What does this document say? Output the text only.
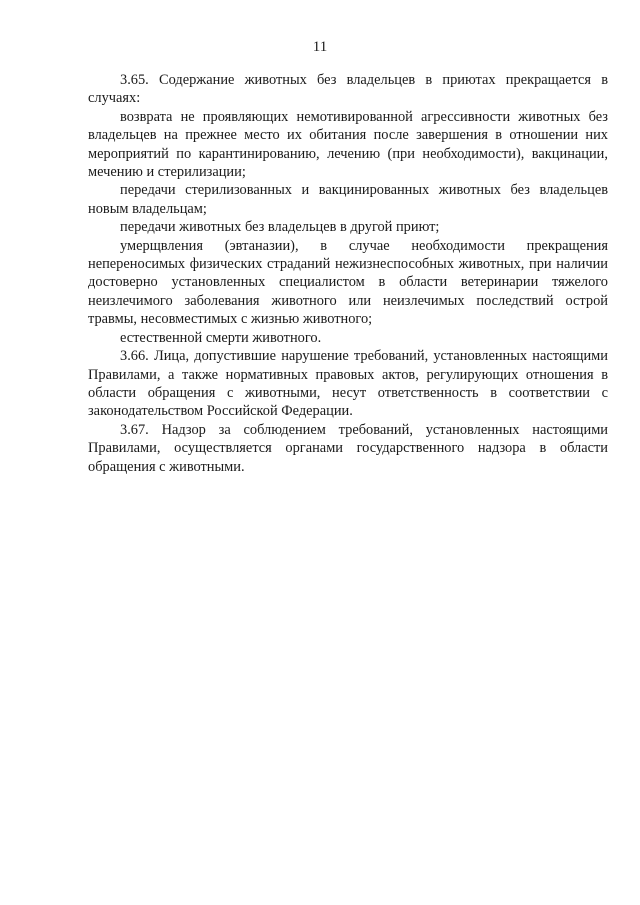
11

3.65. Содержание животных без владельцев в приютах прекращается в случаях:

возврата не проявляющих немотивированной агрессивности животных без владельцев на прежнее место их обитания после завершения в отношении них мероприятий по карантинированию, лечению (при необходимости), вакцинации, мечению и стерилизации;

передачи стерилизованных и вакцинированных животных без владельцев новым владельцам;

передачи животных без владельцев в другой приют;

умерщвления (эвтаназии), в случае необходимости прекращения непереносимых физических страданий нежизнеспособных животных, при наличии достоверно установленных специалистом в области ветеринарии тяжелого неизлечимого заболевания животного или неизлечимых последствий острой травмы, несовместимых с жизнью животного;

естественной смерти животного.

3.66. Лица, допустившие нарушение требований, установленных настоящими Правилами, а также нормативных правовых актов, регулирующих отношения в области обращения с животными, несут ответственность в соответствии с законодательством Российской Федерации.

3.67. Надзор за соблюдением требований, установленных настоящими Правилами, осуществляется органами государственного надзора в области обращения с животными.
